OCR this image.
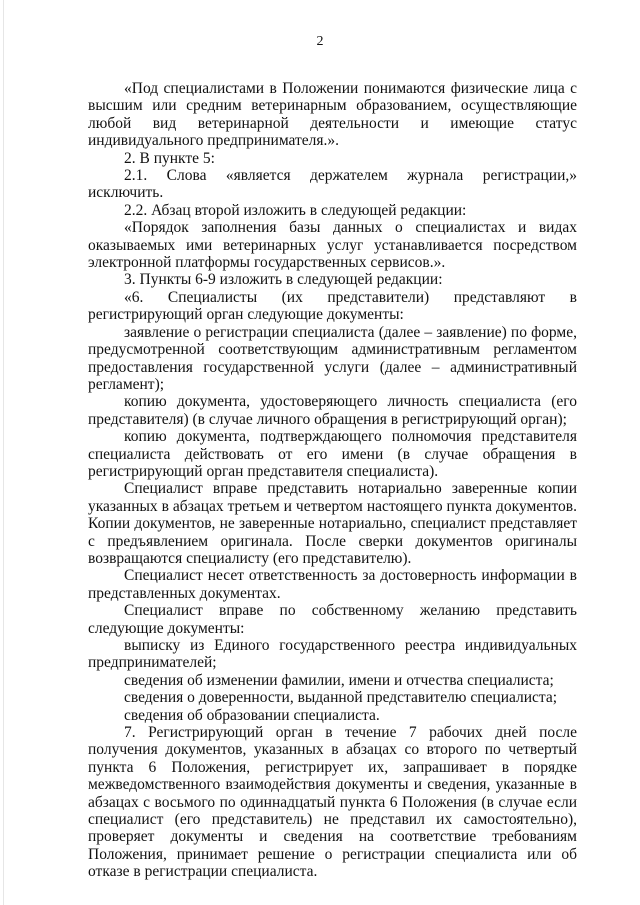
2

«Под специалистами в Положении понимаются физические лица с высшим или средним ветеринарным образованием, осуществляющие любой вид ветеринарной деятельности и имеющие статус индивидуального предпринимателя.».

2. В пункте 5:

2.1. Слова «является держателем журнала регистрации,» исключить.

2.2. Абзац второй изложить в следующей редакции:

«Порядок заполнения базы данных о специалистах и видах оказываемых ими ветеринарных услуг устанавливается посредством электронной платформы государственных сервисов.».

3. Пункты 6-9 изложить в следующей редакции:

«6. Специалисты (их представители) представляют в регистрирующий орган следующие документы:

заявление о регистрации специалиста (далее – заявление) по форме, предусмотренной соответствующим административным регламентом предоставления государственной услуги (далее – административный регламент);

копию документа, удостоверяющего личность специалиста (его представителя) (в случае личного обращения в регистрирующий орган);

копию документа, подтверждающего полномочия представителя специалиста действовать от его имени (в случае обращения в регистрирующий орган представителя специалиста).

Специалист вправе представить нотариально заверенные копии указанных в абзацах третьем и четвертом настоящего пункта документов. Копии документов, не заверенные нотариально, специалист представляет с предъявлением оригинала. После сверки документов оригиналы возвращаются специалисту (его представителю).

Специалист несет ответственность за достоверность информации в представленных документах.

Специалист вправе по собственному желанию представить следующие документы:

выписку из Единого государственного реестра индивидуальных предпринимателей;

сведения об изменении фамилии, имени и отчества специалиста;

сведения о доверенности, выданной представителю специалиста;

сведения об образовании специалиста.

7. Регистрирующий орган в течение 7 рабочих дней после получения документов, указанных в абзацах со второго по четвертый пункта 6 Положения, регистрирует их, запрашивает в порядке межведомственного взаимодействия документы и сведения, указанные в абзацах с восьмого по одиннадцатый пункта 6 Положения (в случае если специалист (его представитель) не представил их самостоятельно), проверяет документы и сведения на соответствие требованиям Положения, принимает решение о регистрации специалиста или об отказе в регистрации специалиста.
